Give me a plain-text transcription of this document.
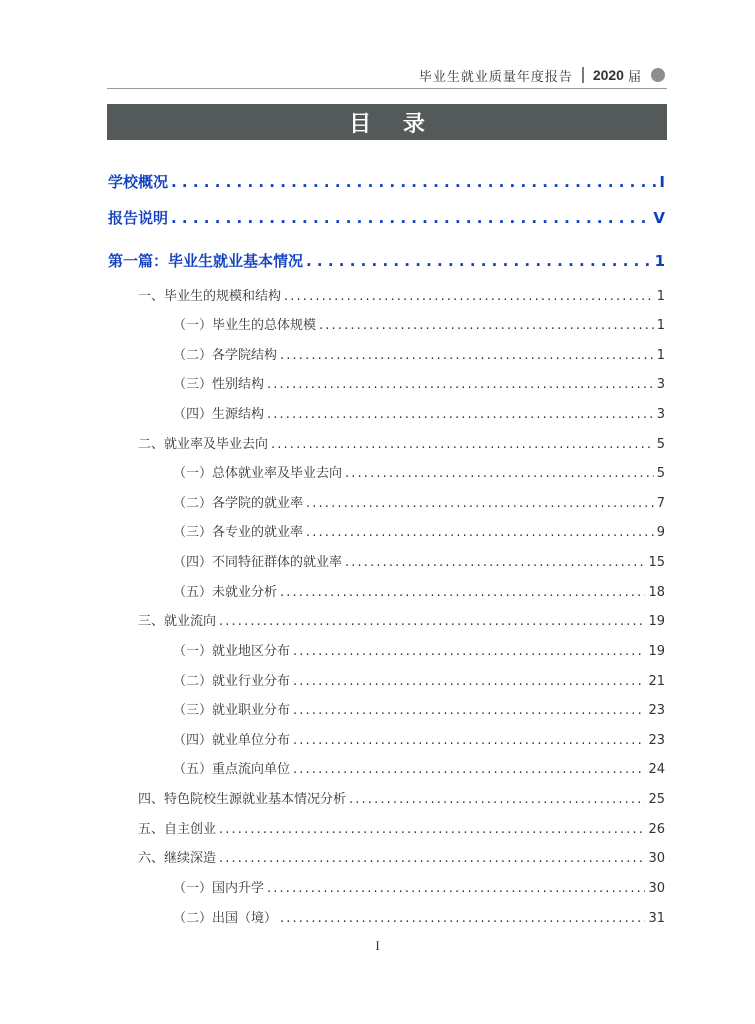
毕业生就业质量年度报告 2020 届
目 录
学校概况 . . .	I
报告说明 . . .	V
第一篇：毕业生就业基本情况 . . .	1
一、毕业生的规模和结构 . . .	1
（一）毕业生的总体规模 . . .	1
（二）各学院结构 . . .	1
（三）性别结构 . . .	3
（四）生源结构 . . .	3
二、就业率及毕业去向 . . .	5
（一）总体就业率及毕业去向 . . .	5
（二）各学院的就业率 . . .	7
（三）各专业的就业率 . . .	9
（四）不同特征群体的就业率 . . .	15
（五）未就业分析 . . .	18
三、就业流向 . . .	19
（一）就业地区分布 . . .	19
（二）就业行业分布 . . .	21
（三）就业职业分布 . . .	23
（四）就业单位分布 . . .	23
（五）重点流向单位 . . .	24
四、特色院校生源就业基本情况分析 . . .	25
五、自主创业 . . .	26
六、继续深造 . . .	30
（一）国内升学 . . .	30
（二）出国（境） . . .	31
I
